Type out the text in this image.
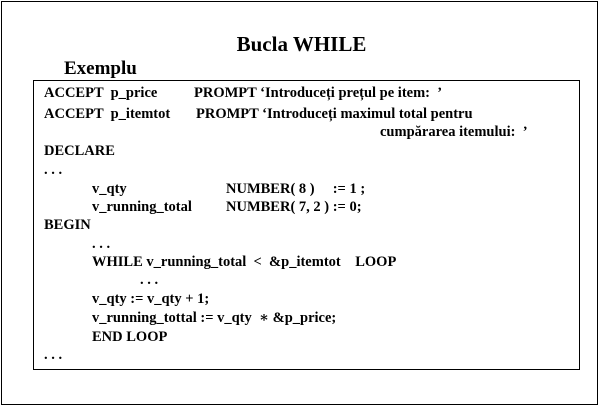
Bucla WHILE
Exemplu
ACCEPT  p_price	PROMPT ‘Introduceți prețul pe item:  ’
ACCEPT  p_itemtot PROMPT ‘Introduceți maximul total pentru
cumpărarea itemului:  ’
DECLARE
. . .
v_qty	NUMBER( 8 )     := 1 ;
v_running_total NUMBER( 7, 2 ) := 0;
BEGIN
. . .
WHILE v_running_total  <  &p_itemtot    LOOP
. . .
v_qty := v_qty + 1;
v_running_tottal := v_qty  ∗ &p_price;
END LOOP
. . .
